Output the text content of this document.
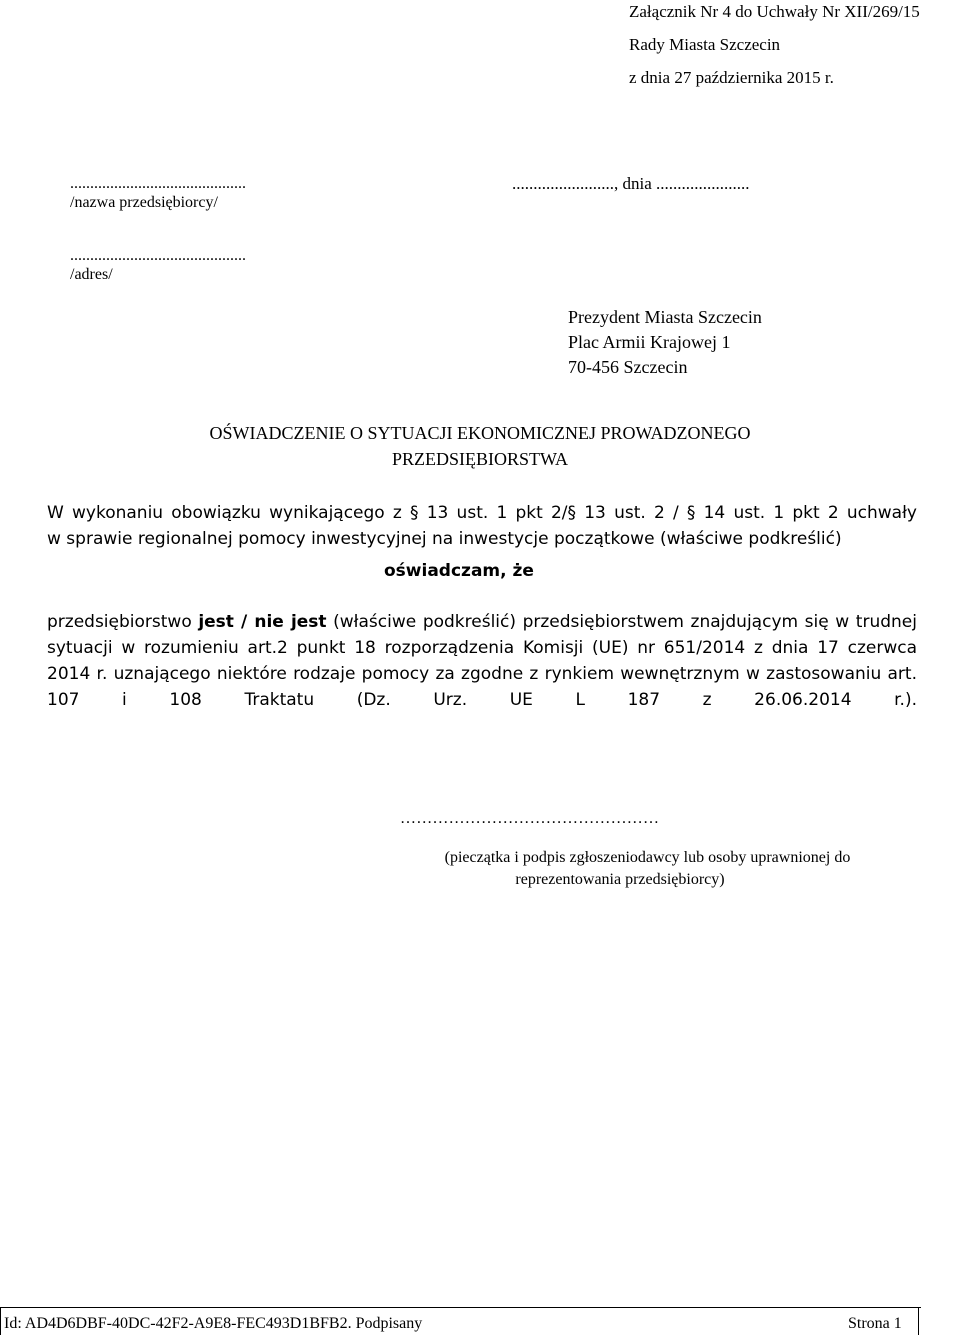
Załącznik Nr 4 do Uchwały Nr XII/269/15
Rady Miasta Szczecin
z dnia 27 października 2015 r.
............................................
/nazwa przedsiębiorcy/
............................................
/adres/
........................, dnia ......................
Prezydent Miasta Szczecin
Plac Armii Krajowej 1
70-456 Szczecin
OŚWIADCZENIE O SYTUACJI EKONOMICZNEJ PROWADZONEGO
PRZEDSIĘBIORSTWA
W wykonaniu obowiązku wynikającego z § 13 ust. 1 pkt 2/§ 13 ust. 2 / § 14 ust. 1 pkt 2 uchwały
w sprawie regionalnej pomocy inwestycyjnej na inwestycje początkowe (właściwe podkreślić)
oświadczam, że
przedsiębiorstwo jest / nie jest (właściwe podkreślić) przedsiębiorstwem znajdującym się w trudnej
sytuacji w rozumieniu art.2 punkt 18 rozporządzenia Komisji (UE) nr 651/2014 z dnia 17 czerwca
2014 r. uznającego niektóre rodzaje pomocy za zgodne z rynkiem wewnętrznym w zastosowaniu art.
107 i 108 Traktatu (Dz. Urz. UE L 187 z 26.06.2014 r.).
…………………………………………
(pieczątka i podpis zgłoszeniodawcy lub osoby uprawnionej do
reprezentowania przedsiębiorcy)
Id: AD4D6DBF-40DC-42F2-A9E8-FEC493D1BFB2. Podpisany	Strona 1
